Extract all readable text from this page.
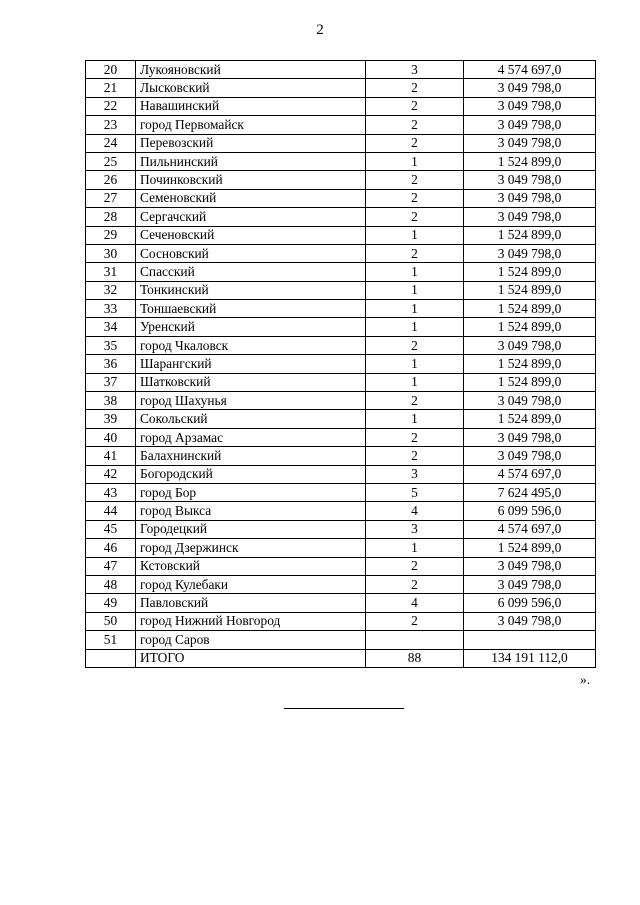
2
20	Лукояновский	3	4 574 697,0
21	Лысковский	2	3 049 798,0
22	Навашинский	2	3 049 798,0
23	город Первомайск	2	3 049 798,0
24	Перевозский	2	3 049 798,0
25	Пильнинский	1	1 524 899,0
26	Починковский	2	3 049 798,0
27	Семеновский	2	3 049 798,0
28	Сергачский	2	3 049 798,0
29	Сеченовский	1	1 524 899,0
30	Сосновский	2	3 049 798,0
31	Спасский	1	1 524 899,0
32	Тонкинский	1	1 524 899,0
33	Тоншаевский	1	1 524 899,0
34	Уренский	1	1 524 899,0
35	город Чкаловск	2	3 049 798,0
36	Шарангский	1	1 524 899,0
37	Шатковский	1	1 524 899,0
38	город Шахунья	2	3 049 798,0
39	Сокольский	1	1 524 899,0
40	город Арзамас	2	3 049 798,0
41	Балахнинский	2	3 049 798,0
42	Богородский	3	4 574 697,0
43	город Бор	5	7 624 495,0
44	город Выкса	4	6 099 596,0
45	Городецкий	3	4 574 697,0
46	город Дзержинск	1	1 524 899,0
47	Кстовский	2	3 049 798,0
48	город Кулебаки	2	3 049 798,0
49	Павловский	4	6 099 596,0
50	город Нижний Новгород	2	3 049 798,0
51	город Саров		
	ИТОГО	88	134 191 112,0
».
